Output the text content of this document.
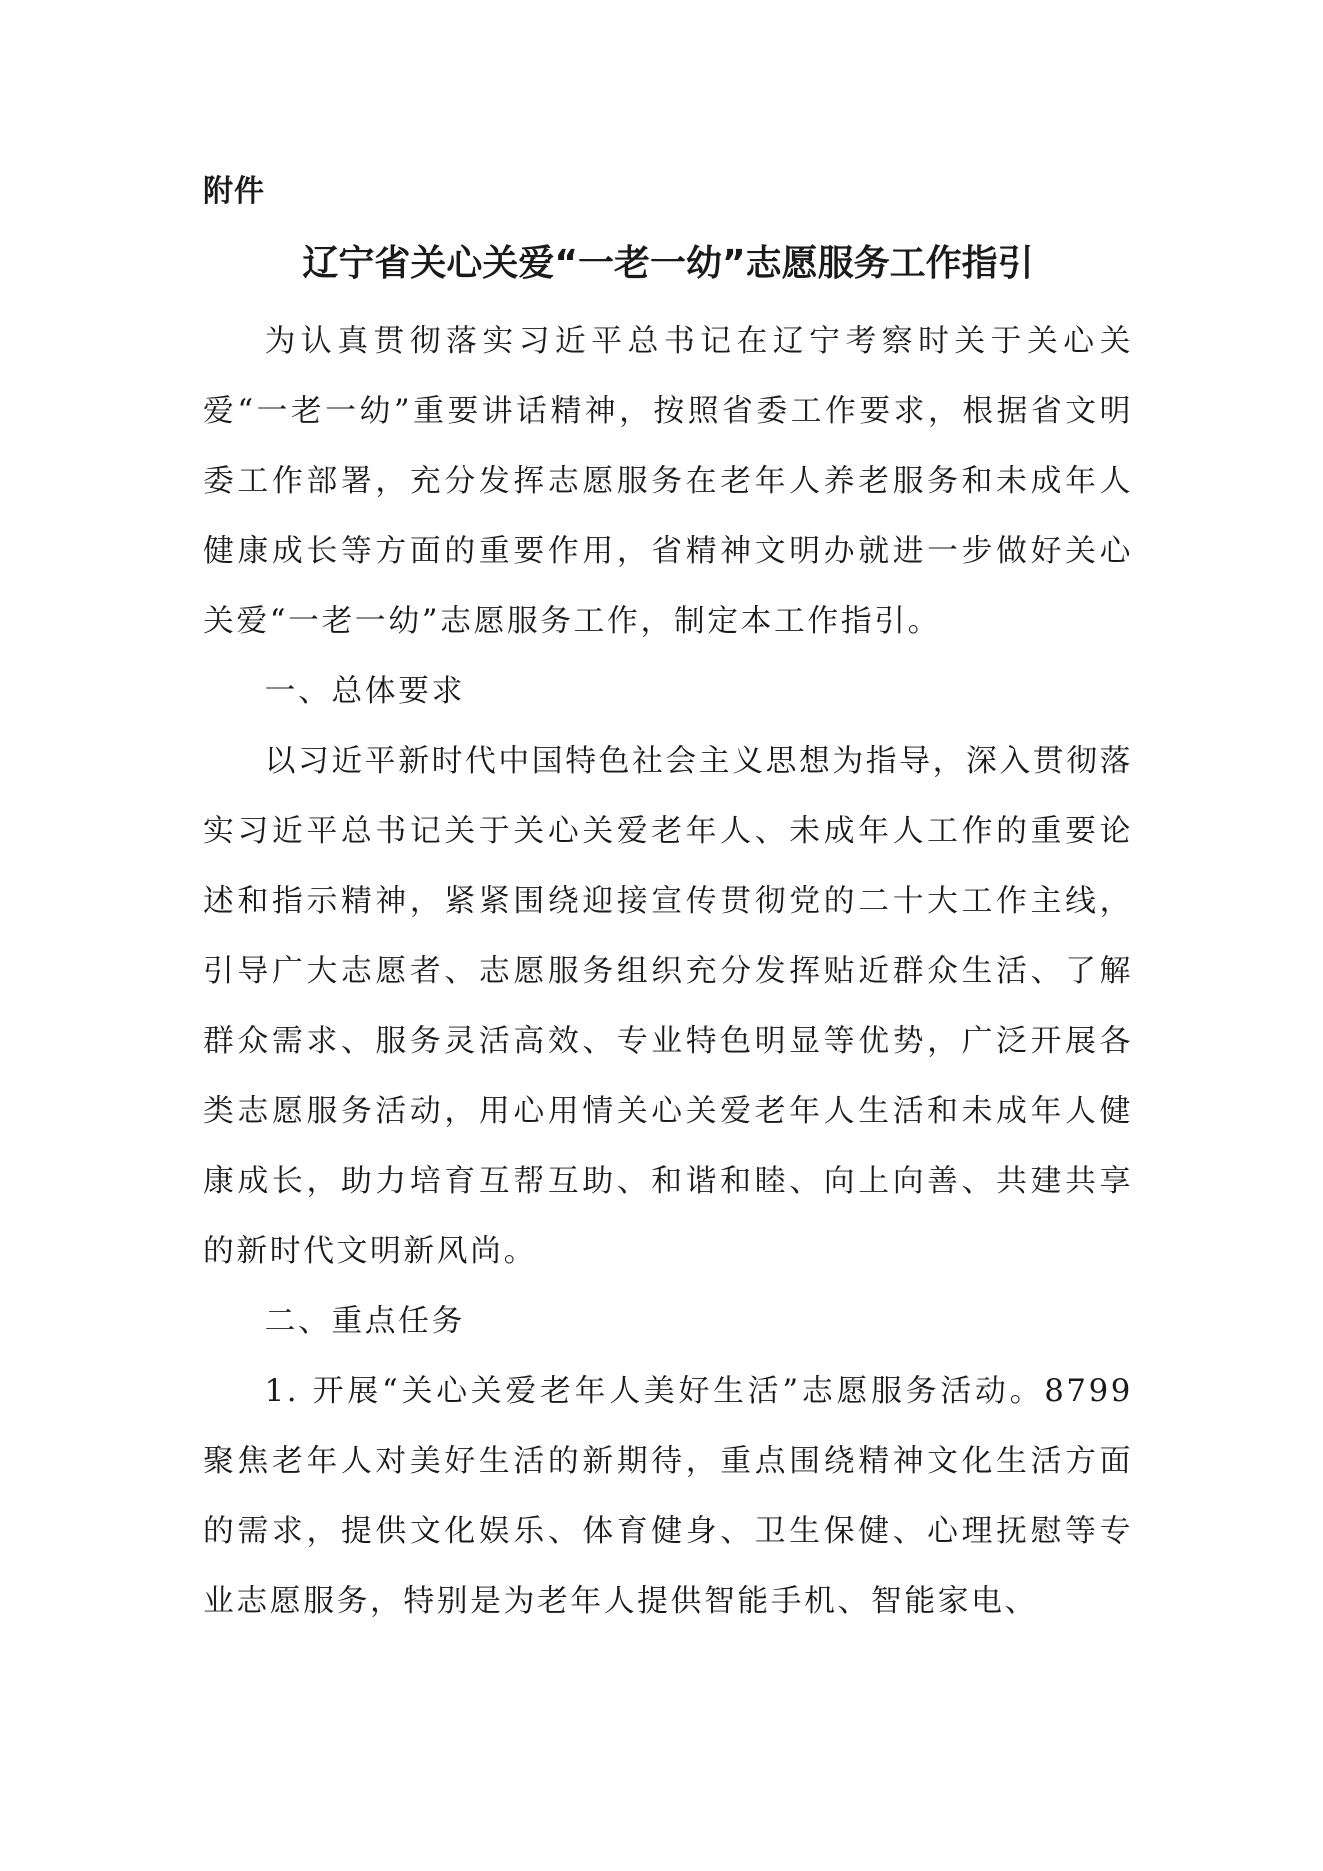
附件
辽宁省关心关爱“一老一幼”志愿服务工作指引

为认真贯彻落实习近平总书记在辽宁考察时关于关心关爱“一老一幼”重要讲话精神，按照省委工作要求，根据省文明委工作部署，充分发挥志愿服务在老年人养老服务和未成年人健康成长等方面的重要作用，省精神文明办就进一步做好关心关爱“一老一幼”志愿服务工作，制定本工作指引。

一、总体要求

以习近平新时代中国特色社会主义思想为指导，深入贯彻落实习近平总书记关于关心关爱老年人、未成年人工作的重要论述和指示精神，紧紧围绕迎接宣传贯彻党的二十大工作主线，引导广大志愿者、志愿服务组织充分发挥贴近群众生活、了解群众需求、服务灵活高效、专业特色明显等优势，广泛开展各类志愿服务活动，用心用情关心关爱老年人生活和未成年人健康成长，助力培育互帮互助、和谐和睦、向上向善、共建共享的新时代文明新风尚。

二、重点任务

1. 开展“关心关爱老年人美好生活”志愿服务活动。8799聚焦老年人对美好生活的新期待，重点围绕精神文化生活方面的需求，提供文化娱乐、体育健身、卫生保健、心理抚慰等专业志愿服务，特别是为老年人提供智能手机、智能家电、
